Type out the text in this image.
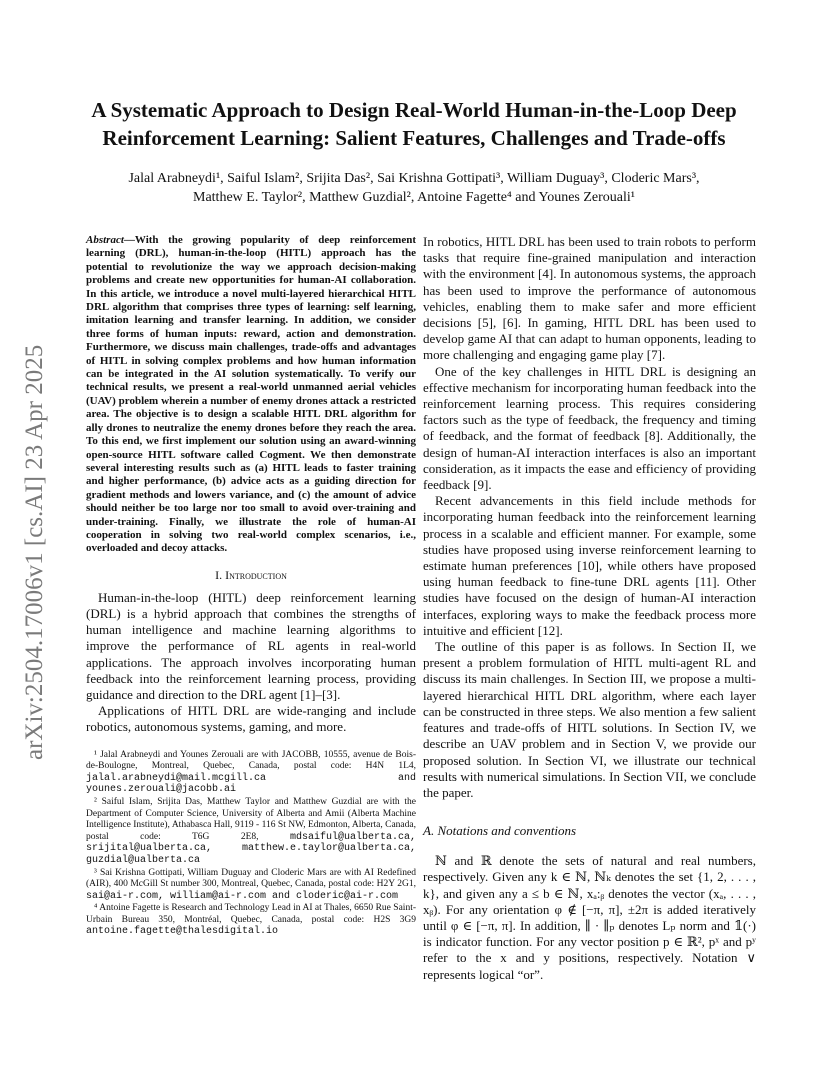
arXiv:2504.17006v1 [cs.AI] 23 Apr 2025
A Systematic Approach to Design Real-World Human-in-the-Loop Deep Reinforcement Learning: Salient Features, Challenges and Trade-offs
Jalal Arabneydi¹, Saiful Islam², Srijita Das², Sai Krishna Gottipati³, William Duguay³, Cloderic Mars³,
Matthew E. Taylor², Matthew Guzdial², Antoine Fagette⁴ and Younes Zerouali¹

Abstract—With the growing popularity of deep reinforcement learning (DRL), human-in-the-loop (HITL) approach has the potential to revolutionize the way we approach decision-making problems and create new opportunities for human-AI collaboration. In this article, we introduce a novel multi-layered hierarchical HITL DRL algorithm that comprises three types of learning: self learning, imitation learning and transfer learning. In addition, we consider three forms of human inputs: reward, action and demonstration. Furthermore, we discuss main challenges, trade-offs and advantages of HITL in solving complex problems and how human information can be integrated in the AI solution systematically. To verify our technical results, we present a real-world unmanned aerial vehicles (UAV) problem wherein a number of enemy drones attack a restricted area. The objective is to design a scalable HITL DRL algorithm for ally drones to neutralize the enemy drones before they reach the area. To this end, we first implement our solution using an award-winning open-source HITL software called Cogment. We then demonstrate several interesting results such as (a) HITL leads to faster training and higher performance, (b) advice acts as a guiding direction for gradient methods and lowers variance, and (c) the amount of advice should neither be too large nor too small to avoid over-training and under-training. Finally, we illustrate the role of human-AI cooperation in solving two real-world complex scenarios, i.e., overloaded and decoy attacks.

I. Introduction

Human-in-the-loop (HITL) deep reinforcement learning (DRL) is a hybrid approach that combines the strengths of human intelligence and machine learning algorithms to improve the performance of RL agents in real-world applications. The approach involves incorporating human feedback into the reinforcement learning process, providing guidance and direction to the DRL agent [1]–[3].

Applications of HITL DRL are wide-ranging and include robotics, autonomous systems, gaming, and more.

¹ Jalal Arabneydi and Younes Zerouali are with JACOBB, 10555, avenue de Bois-de-Boulogne, Montreal, Quebec, Canada, postal code: H4N 1L4, jalal.arabneydi@mail.mcgill.ca and younes.zerouali@jacobb.ai

² Saiful Islam, Srijita Das, Matthew Taylor and Matthew Guzdial are with the Department of Computer Science, University of Alberta and Amii (Alberta Machine Intelligence Institute), Athabasca Hall, 9119 - 116 St NW, Edmonton, Alberta, Canada, postal code: T6G 2E8,	mdsaiful@ualberta.ca, srijital@ualberta.ca, matthew.e.taylor@ualberta.ca, guzdial@ualberta.ca

³ Sai Krishna Gottipati, William Duguay and Cloderic Mars are with AI Redefined (AIR), 400 McGill St number 300, Montreal, Quebec, Canada, postal code: H2Y 2G1, sai@ai-r.com, william@ai-r.com and cloderic@ai-r.com

⁴ Antoine Fagette is Research and Technology Lead in AI at Thales, 6650 Rue Saint-Urbain Bureau 350, Montréal, Quebec, Canada, postal code: H2S 3G9 antoine.fagette@thalesdigital.io

In robotics, HITL DRL has been used to train robots to perform tasks that require fine-grained manipulation and interaction with the environment [4]. In autonomous systems, the approach has been used to improve the performance of autonomous vehicles, enabling them to make safer and more efficient decisions [5], [6]. In gaming, HITL DRL has been used to develop game AI that can adapt to human opponents, leading to more challenging and engaging game play [7].

One of the key challenges in HITL DRL is designing an effective mechanism for incorporating human feedback into the reinforcement learning process. This requires considering factors such as the type of feedback, the frequency and timing of feedback, and the format of feedback [8]. Additionally, the design of human-AI interaction interfaces is also an important consideration, as it impacts the ease and efficiency of providing feedback [9].

Recent advancements in this field include methods for incorporating human feedback into the reinforcement learning process in a scalable and efficient manner. For example, some studies have proposed using inverse reinforcement learning to estimate human preferences [10], while others have proposed using human feedback to fine-tune DRL agents [11]. Other studies have focused on the design of human-AI interaction interfaces, exploring ways to make the feedback process more intuitive and efficient [12].

The outline of this paper is as follows. In Section II, we present a problem formulation of HITL multi-agent RL and discuss its main challenges. In Section III, we propose a multi-layered hierarchical HITL DRL algorithm, where each layer can be constructed in three steps. We also mention a few salient features and trade-offs of HITL solutions. In Section IV, we describe an UAV problem and in Section V, we provide our proposed solution. In Section VI, we illustrate our technical results with numerical simulations. In Section VII, we conclude the paper.

A. Notations and conventions

ℕ and ℝ denote the sets of natural and real numbers, respectively. Given any k ∈ ℕ, ℕₖ denotes the set {1, 2, . . . , k}, and given any a ≤ b ∈ ℕ, xₐ:ᵦ denotes the vector (xₐ, . . . , xᵦ). For any orientation φ ∉ [−π, π], ±2π is added iteratively until φ ∈ [−π, π]. In addition, ∥ · ∥ₚ denotes Lₚ norm and 𝟙(·) is indicator function. For any vector position p ∈ ℝ², pˣ and pʸ refer to the x and y positions, respectively. Notation ∨ represents logical “or”.
